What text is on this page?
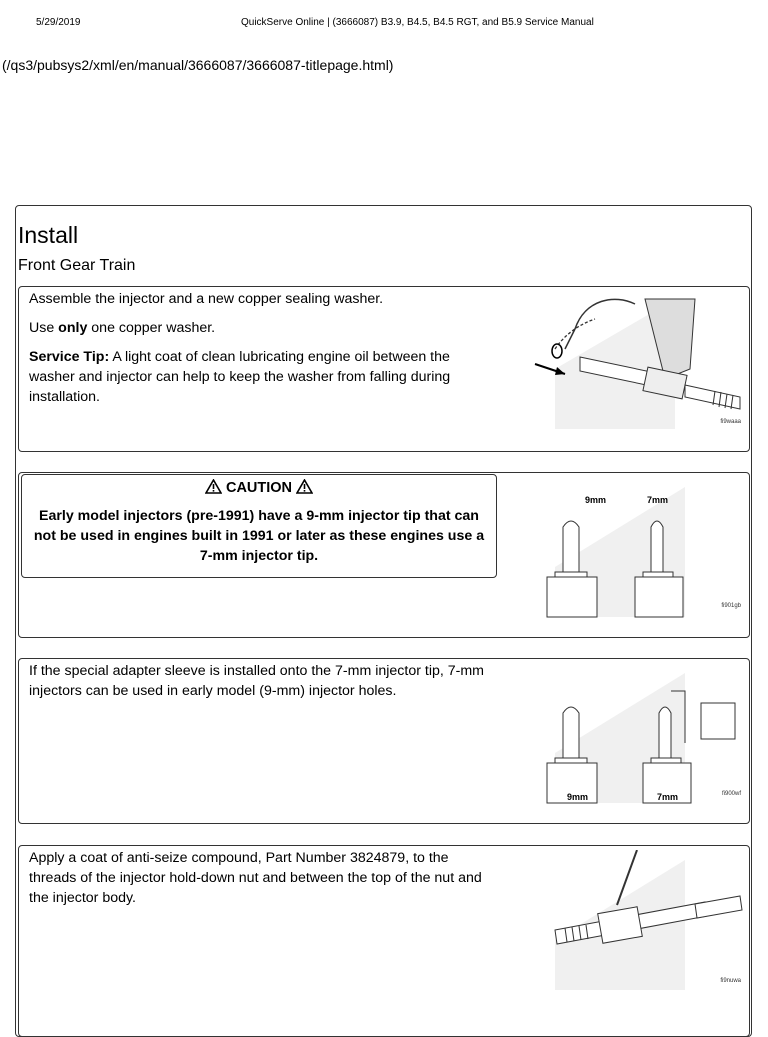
5/29/2019	QuickServe Online | (3666087) B3.9, B4.5, B4.5 RGT, and B5.9 Service Manual
(/qs3/pubsys2/xml/en/manual/3666087/3666087-titlepage.html)
Install
Front Gear Train

Assemble the injector and a new copper sealing washer.

Use only one copper washer.

Service Tip: A light coat of clean lubricating engine oil between the washer and injector can help to keep the washer from falling during installation.

fi9waaa
CAUTION
Early model injectors (pre-1991) have a 9-mm injector tip that can not be used in engines built in 1991 or later as these engines use a 7-mm injector tip.
9mm	7mm
fi901gb
If the special adapter sleeve is installed onto the 7-mm injector tip, 7-mm injectors can be used in early model (9-mm) injector holes.
9mm	7mm	fi900wf
Apply a coat of anti-seize compound, Part Number 3824879, to the threads of the injector hold-down nut and between the top of the nut and the injector body.
fi9nuwa
